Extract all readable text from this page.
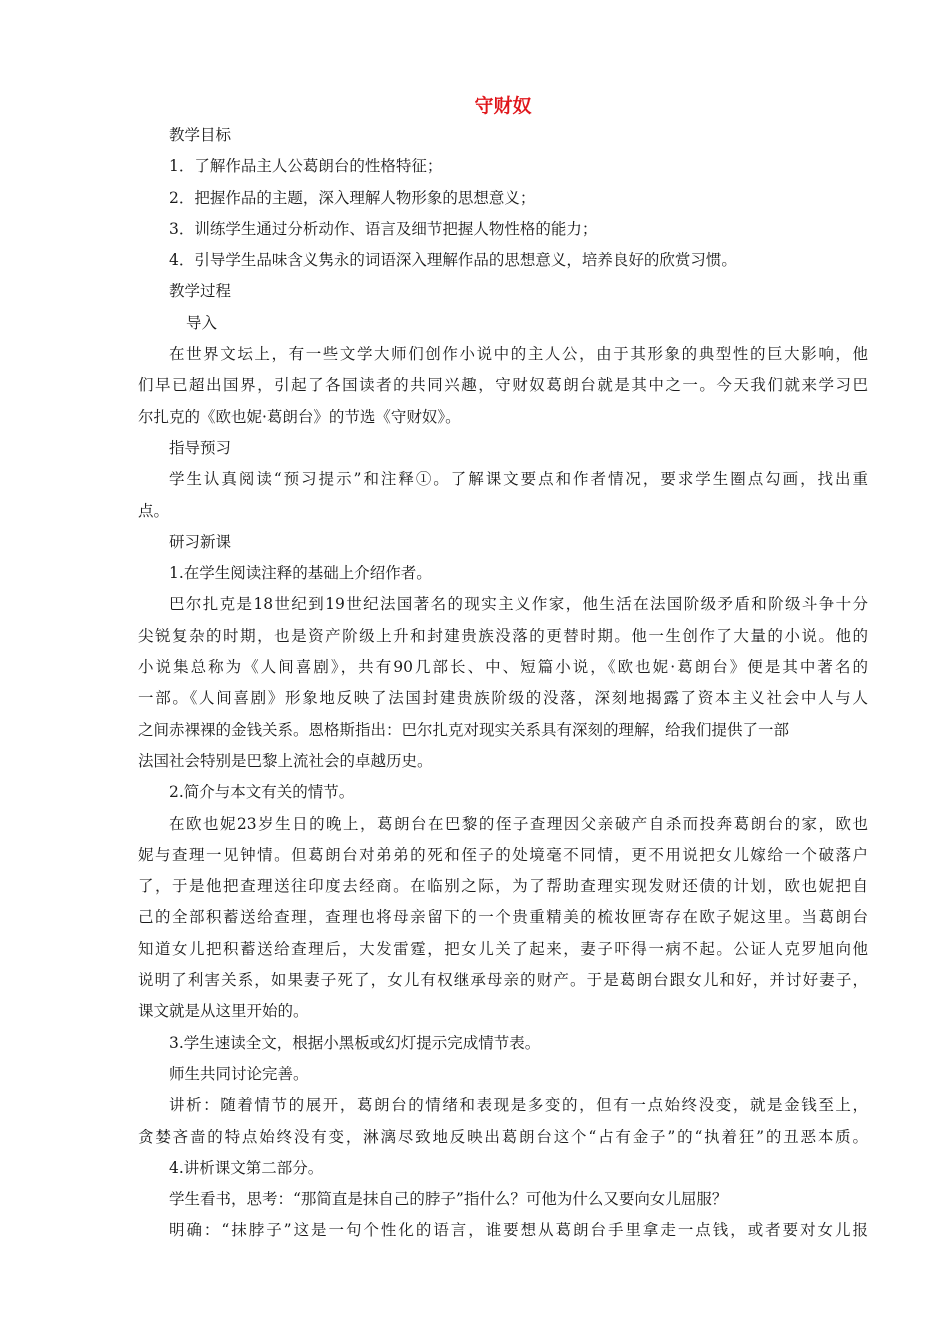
守财奴

教学目标

1．了解作品主人公葛朗台的性格特征；

2．把握作品的主题，深入理解人物形象的思想意义；

3．训练学生通过分析动作、语言及细节把握人物性格的能力；

4．引导学生品味含义隽永的词语深入理解作品的思想意义，培养良好的欣赏习惯。

教学过程

导入

在世界文坛上，有一些文学大师们创作小说中的主人公，由于其形象的典型性的巨大影响，他

们早已超出国界，引起了各国读者的共同兴趣，守财奴葛朗台就是其中之一。今天我们就来学习巴

尔扎克的《欧也妮·葛朗台》的节选《守财奴》。

指导预习

学生认真阅读“预习提示”和注释①。了解课文要点和作者情况，要求学生圈点勾画，找出重

点。

研习新课

1.在学生阅读注释的基础上介绍作者。

巴尔扎克是18世纪到19世纪法国著名的现实主义作家，他生活在法国阶级矛盾和阶级斗争十分

尖锐复杂的时期，也是资产阶级上升和封建贵族没落的更替时期。他一生创作了大量的小说。他的

小说集总称为《人间喜剧》，共有90几部长、中、短篇小说，《欧也妮·葛朗台》便是其中著名的

一部。《人间喜剧》形象地反映了法国封建贵族阶级的没落，深刻地揭露了资本主义社会中人与人

之间赤裸裸的金钱关系。恩格斯指出：巴尔扎克对现实关系具有深刻的理解，给我们提供了一部

法国社会特别是巴黎上流社会的卓越历史。

2.简介与本文有关的情节。

在欧也妮23岁生日的晚上，葛朗台在巴黎的侄子查理因父亲破产自杀而投奔葛朗台的家，欧也

妮与查理一见钟情。但葛朗台对弟弟的死和侄子的处境毫不同情，更不用说把女儿嫁给一个破落户

了，于是他把查理送往印度去经商。在临别之际，为了帮助查理实现发财还债的计划，欧也妮把自

己的全部积蓄送给查理，查理也将母亲留下的一个贵重精美的梳妆匣寄存在欧子妮这里。当葛朗台

知道女儿把积蓄送给查理后，大发雷霆，把女儿关了起来，妻子吓得一病不起。公证人克罗旭向他

说明了利害关系，如果妻子死了，女儿有权继承母亲的财产。于是葛朗台跟女儿和好，并讨好妻子，

课文就是从这里开始的。

3.学生速读全文，根据小黑板或幻灯提示完成情节表。

师生共同讨论完善。

讲析：随着情节的展开，葛朗台的情绪和表现是多变的，但有一点始终没变，就是金钱至上，

贪婪吝啬的特点始终没有变，淋漓尽致地反映出葛朗台这个“占有金子”的“执着狂”的丑恶本质。

4.讲析课文第二部分。

学生看书，思考：“那简直是抹自己的脖子”指什么？可他为什么又要向女儿屈服？

明确：“抹脖子”这是一句个性化的语言，谁要想从葛朗台手里拿走一点钱，或者要对女儿报
